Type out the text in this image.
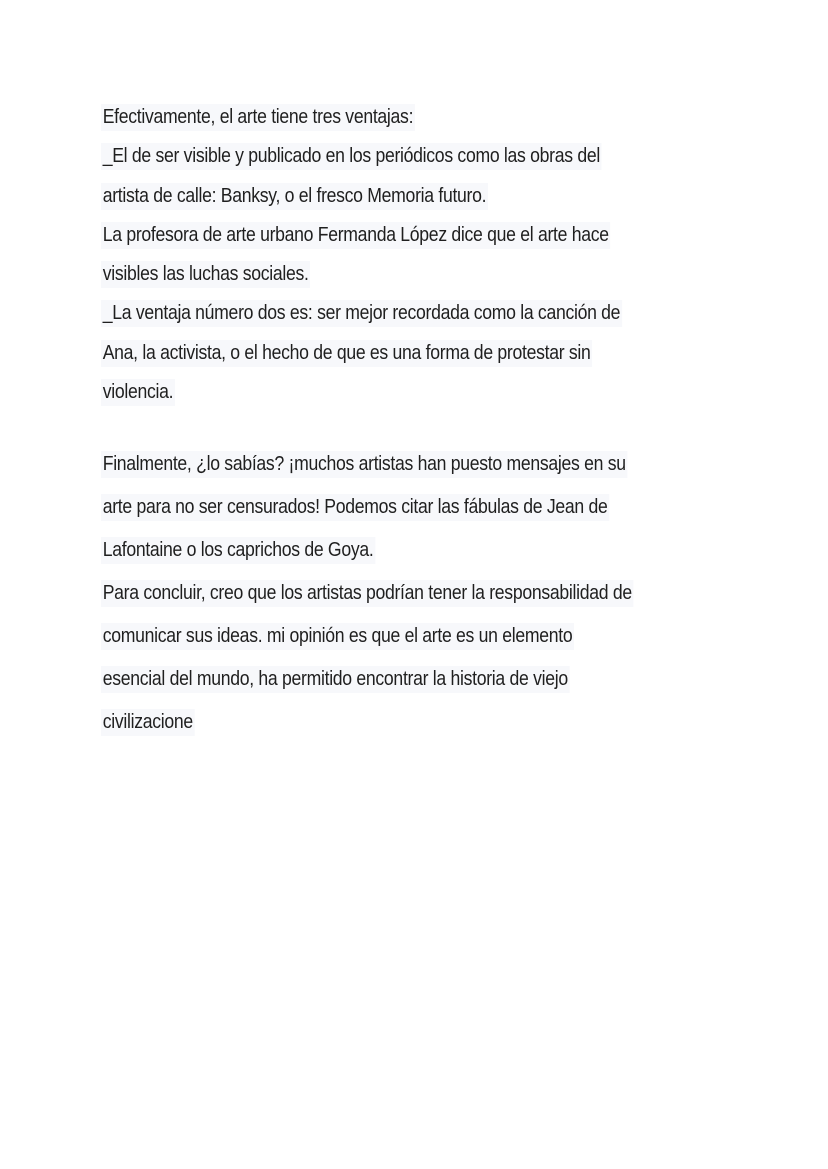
Efectivamente, el arte tiene tres ventajas:

_El de ser visible y publicado en los periódicos como las obras del

artista de calle: Banksy, o el fresco Memoria futuro.

La profesora de arte urbano Fermanda López dice que el arte hace

visibles las luchas sociales.

_La ventaja número dos es: ser mejor recordada como la canción de

Ana, la activista, o el hecho de que es una forma de protestar sin

violencia.

Finalmente, ¿lo sabías? ¡muchos artistas han puesto mensajes en su

arte para no ser censurados! Podemos citar las fábulas de Jean de

Lafontaine o los caprichos de Goya.

Para concluir, creo que los artistas podrían tener la responsabilidad de

comunicar sus ideas. mi opinión es que el arte es un elemento

esencial del mundo, ha permitido encontrar la historia de viejo

civilizacione
